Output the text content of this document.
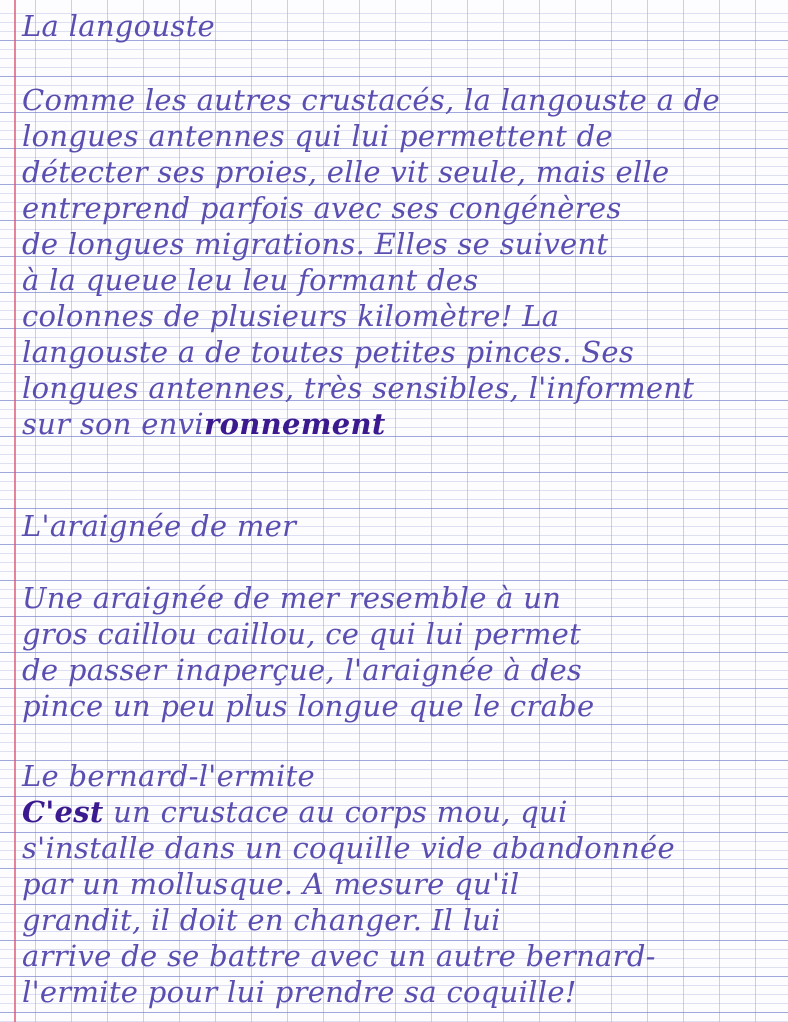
La langouste
Comme les autres crustacés, la langouste a de
longues antennes qui lui permettent de
détecter ses proies, elle vit seule, mais elle
entreprend parfois avec ses congénères
de longues migrations. Elles se suivent
à la queue leu leu formant des
colonnes de plusieurs kilomètre! La
langouste a de toutes petites pinces. Ses
longues antennes, très sensibles, l'informent
sur son environnement
L'araignée de mer
Une araignée de mer resemble à un
gros caillou caillou, ce qui lui permet
de passer inaperçue, l'araignée à des
pince un peu plus longue que le crabe
Le bernard-l'ermite
C'est un crustace au corps mou, qui
s'installe dans un coquille vide abandonnée
par un mollusque. A mesure qu'il
grandit, il doit en changer. Il lui
arrive de se battre avec un autre bernard-
l'ermite pour lui prendre sa coquille!
